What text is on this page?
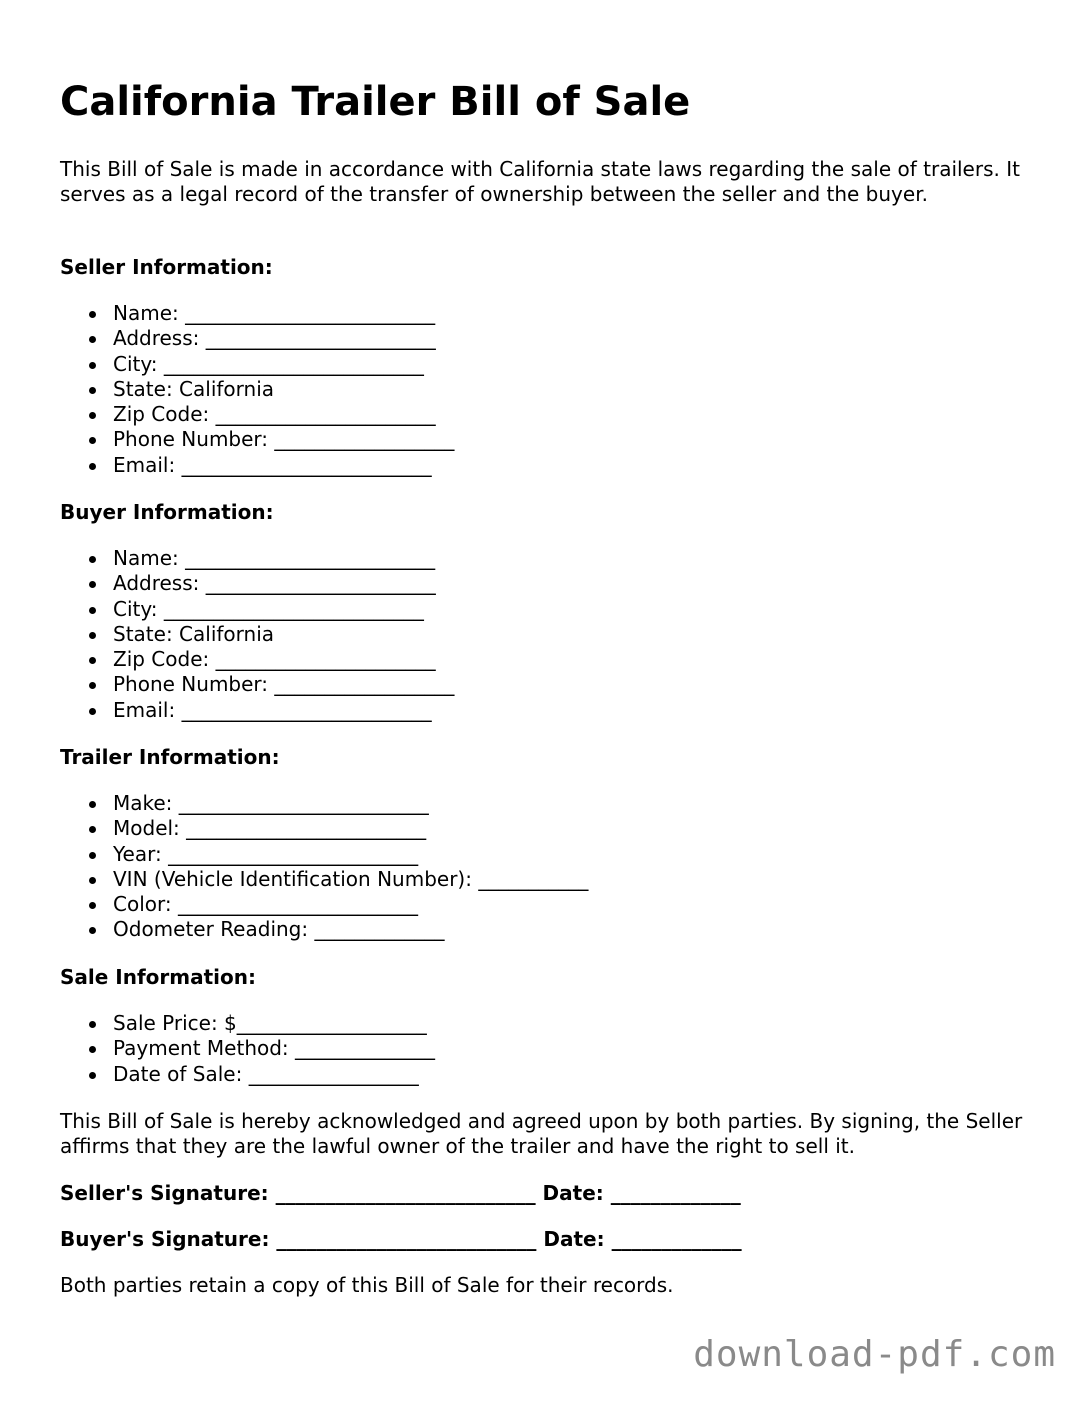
California Trailer Bill of Sale

This Bill of Sale is made in accordance with California state laws regarding the sale of trailers. It serves as a legal record of the transfer of ownership between the seller and the buyer.

Seller Information:
Name: _________________________
Address: _______________________
City: __________________________
State: California
Zip Code: ______________________
Phone Number: __________________
Email: _________________________
Buyer Information:
Name: _________________________
Address: _______________________
City: __________________________
State: California
Zip Code: ______________________
Phone Number: __________________
Email: _________________________
Trailer Information:
Make: _________________________
Model: ________________________
Year: _________________________
VIN (Vehicle Identification Number): ___________
Color: ________________________
Odometer Reading: _____________
Sale Information:
Sale Price: $___________________
Payment Method: ______________
Date of Sale: _________________

This Bill of Sale is hereby acknowledged and agreed upon by both parties. By signing, the Seller affirms that they are the lawful owner of the trailer and have the right to sell it.

Seller's Signature: __________________________ Date: _____________
Buyer's Signature: __________________________ Date: _____________

Both parties retain a copy of this Bill of Sale for their records.

download-pdf.com
